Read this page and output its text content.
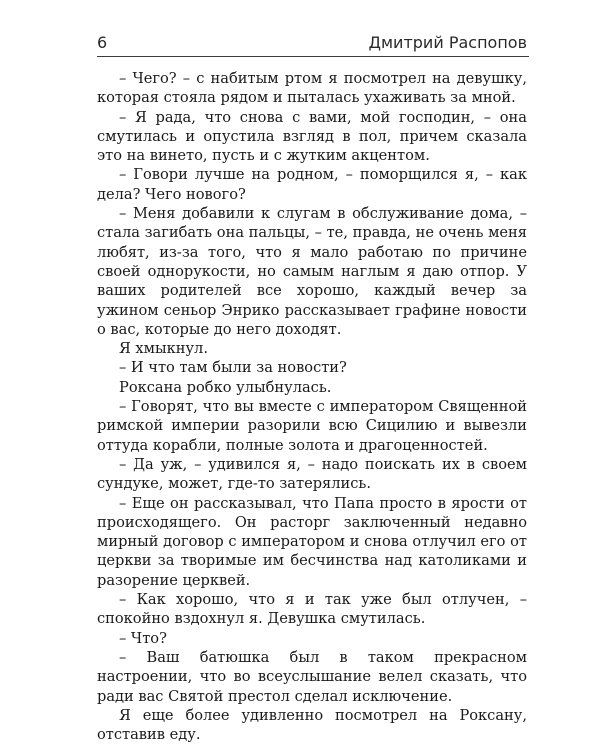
6	Дмитрий Распопов

– Чего? – с набитым ртом я посмотрел на девушку, которая стояла рядом и пыталась ухаживать за мной.

– Я рада, что снова с вами, мой господин, – она смутилась и опустила взгляд в пол, причем сказала это на винето, пусть и с жутким акцентом.

– Говори лучше на родном, – поморщился я, – как дела? Чего нового?

– Меня добавили к слугам в обслуживание дома, – стала загибать она пальцы, – те, правда, не очень меня любят, из-за того, что я мало работаю по причине своей однорукости, но самым наглым я даю отпор. У ваших родителей все хорошо, каждый вечер за ужином сеньор Энрико рассказывает графине новости о вас, которые до него доходят.

Я хмыкнул.

– И что там были за новости?

Роксана робко улыбнулась.

– Говорят, что вы вместе с императором Священной римской империи разорили всю Сицилию и вывезли оттуда корабли, полные золота и драгоценностей.

– Да уж, – удивился я, – надо поискать их в своем сундуке, может, где-то затерялись.

– Еще он рассказывал, что Папа просто в ярости от происходящего. Он расторг заключенный недавно мирный договор с императором и снова отлучил его от церкви за творимые им бесчинства над католиками и разорение церквей.

– Как хорошо, что я и так уже был отлучен, – спокойно вздохнул я. Девушка смутилась.

– Что?

– Ваш батюшка был в таком прекрасном настроении, что во всеуслышание велел сказать, что ради вас Святой престол сделал исключение.

Я еще более удивленно посмотрел на Роксану, отставив еду.
